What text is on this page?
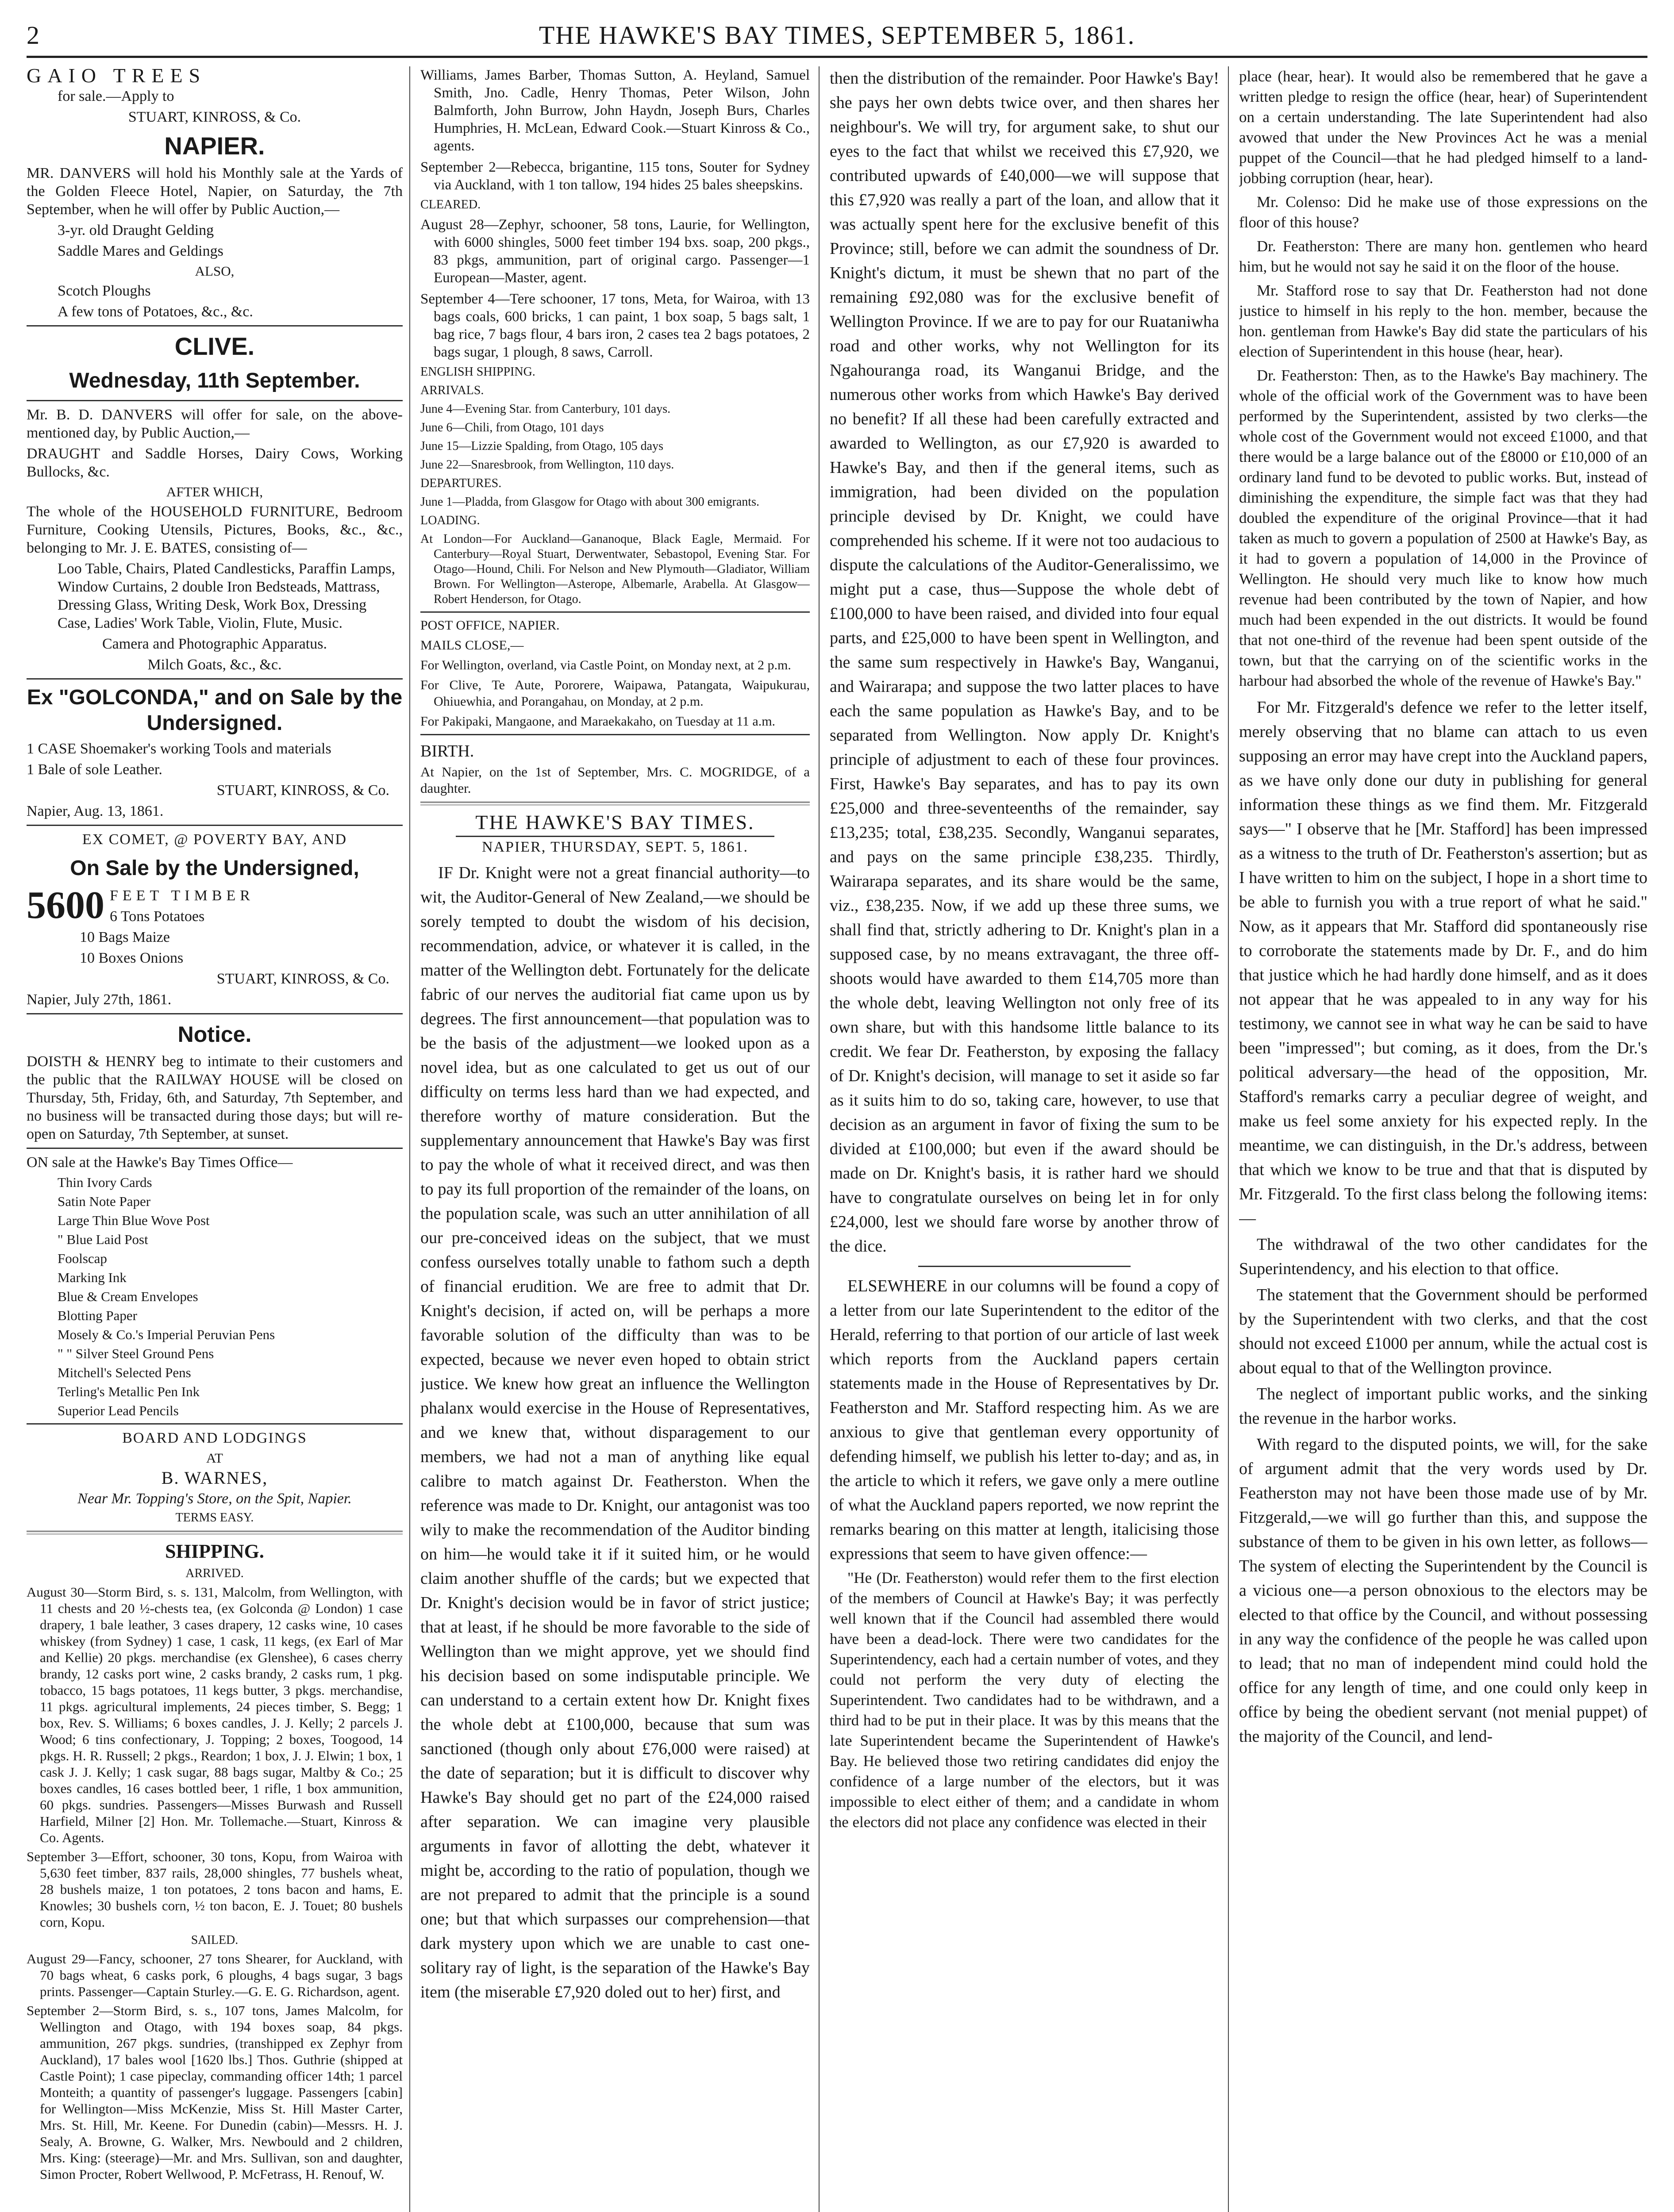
2	THE HAWKE'S BAY TIMES, SEPTEMBER 5, 1861.

GAIO TREES

for sale.—Apply to

STUART, KINROSS, & Co.

NAPIER.

MR. DANVERS will hold his Monthly sale at the Yards of the Golden Fleece Hotel, Napier, on Saturday, the 7th September, when he will offer by Public Auction,—

3-yr. old Draught Gelding

Saddle Mares and Geldings

ALSO,

Scotch Ploughs

A few tons of Potatoes, &c., &c.

CLIVE.
Wednesday, 11th September.

Mr. B. D. DANVERS will offer for sale, on the above-mentioned day, by Public Auction,—

DRAUGHT and Saddle Horses, Dairy Cows, Working Bullocks, &c.

AFTER WHICH,

The whole of the HOUSEHOLD FURNITURE, Bedroom Furniture, Cooking Utensils, Pictures, Books, &c., &c., belonging to Mr. J. E. BATES, consisting of—

Loo Table, Chairs, Plated Candlesticks, Paraffin Lamps, Window Curtains, 2 double Iron Bedsteads, Mattrass, Dressing Glass, Writing Desk, Work Box, Dressing Case, Ladies' Work Table, Violin, Flute, Music.

Camera and Photographic Apparatus.

Milch Goats, &c., &c.

Ex "GOLCONDA," and on Sale by the Undersigned.

1 CASE Shoemaker's working Tools and materials

1 Bale of sole Leather.

STUART, KINROSS, & Co.

Napier, Aug. 13, 1861.

EX COMET, @ POVERTY BAY, AND

On Sale by the Undersigned,
5600 FEET TIMBER

6 Tons Potatoes

10 Bags Maize

10 Boxes Onions

STUART, KINROSS, & Co.

Napier, July 27th, 1861.

Notice.

DOISTH & HENRY beg to intimate to their customers and the public that the RAILWAY HOUSE will be closed on Thursday, 5th, Friday, 6th, and Saturday, 7th September, and no business will be transacted during those days; but will re-open on Saturday, 7th September, at sunset.

ON sale at the Hawke's Bay Times Office—

Thin Ivory Cards

Satin Note Paper

Large Thin Blue Wove Post

" Blue Laid Post

Foolscap

Marking Ink

Blue & Cream Envelopes

Blotting Paper

Mosely & Co.'s Imperial Peruvian Pens

" " Silver Steel Ground Pens

Mitchell's Selected Pens

Terling's Metallic Pen Ink

Superior Lead Pencils

BOARD AND LODGINGS

AT

B. WARNES,

Near Mr. Topping's Store, on the Spit, Napier.

TERMS EASY.

SHIPPING.

ARRIVED.

August 30—Storm Bird, s. s. 131, Malcolm, from Wellington, with 11 chests and 20 ½-chests tea, (ex Golconda @ London) 1 case drapery, 1 bale leather, 3 cases drapery, 12 casks wine, 10 cases whiskey (from Sydney) 1 case, 1 cask, 11 kegs, (ex Earl of Mar and Kellie) 20 pkgs. merchandise (ex Glenshee), 6 cases cherry brandy, 12 casks port wine, 2 casks brandy, 2 casks rum, 1 pkg. tobacco, 15 bags potatoes, 11 kegs butter, 3 pkgs. merchandise, 11 pkgs. agricultural implements, 24 pieces timber, S. Begg; 1 box, Rev. S. Williams; 6 boxes candles, J. J. Kelly; 2 parcels J. Wood; 6 tins confectionary, J. Topping; 2 boxes, Toogood, 14 pkgs. H. R. Russell; 2 pkgs., Reardon; 1 box, J. J. Elwin; 1 box, 1 cask J. J. Kelly; 1 cask sugar, 88 bags sugar, Maltby & Co.; 25 boxes candles, 16 cases bottled beer, 1 rifle, 1 box ammunition, 60 pkgs. sundries. Passengers—Misses Burwash and Russell Harfield, Milner [2] Hon. Mr. Tollemache.—Stuart, Kinross & Co. Agents.

September 3—Effort, schooner, 30 tons, Kopu, from Wairoa with 5,630 feet timber, 837 rails, 28,000 shingles, 77 bushels wheat, 28 bushels maize, 1 ton potatoes, 2 tons bacon and hams, E. Knowles; 30 bushels corn, ½ ton bacon, E. J. Touet; 80 bushels corn, Kopu.

SAILED.

August 29—Fancy, schooner, 27 tons Shearer, for Auckland, with 70 bags wheat, 6 casks pork, 6 ploughs, 4 bags sugar, 3 bags prints. Passenger—Captain Sturley.—G. E. G. Richardson, agent.

September 2—Storm Bird, s. s., 107 tons, James Malcolm, for Wellington and Otago, with 194 boxes soap, 84 pkgs. ammunition, 267 pkgs. sundries, (transhipped ex Zephyr from Auckland), 17 bales wool [1620 lbs.] Thos. Guthrie (shipped at Castle Point); 1 case pipeclay, commanding officer 14th; 1 parcel Monteith; a quantity of passenger's luggage. Passengers [cabin] for Wellington—Miss McKenzie, Miss St. Hill Master Carter, Mrs. St. Hill, Mr. Keene. For Dunedin (cabin)—Messrs. H. J. Sealy, A. Browne, G. Walker, Mrs. Newbould and 2 children, Mrs. King: (steerage)—Mr. and Mrs. Sullivan, son and daughter, Simon Procter, Robert Wellwood, P. McFetrass, H. Renouf, W.

Williams, James Barber, Thomas Sutton, A. Heyland, Samuel Smith, Jno. Cadle, Henry Thomas, Peter Wilson, John Balmforth, John Burrow, John Haydn, Joseph Burs, Charles Humphries, H. McLean, Edward Cook.—Stuart Kinross & Co., agents.

September 2—Rebecca, brigantine, 115 tons, Souter for Sydney via Auckland, with 1 ton tallow, 194 hides 25 bales sheepskins.

CLEARED.

August 28—Zephyr, schooner, 58 tons, Laurie, for Wellington, with 6000 shingles, 5000 feet timber 194 bxs. soap, 200 pkgs., 83 pkgs, ammunition, part of original cargo. Passenger—1 European—Master, agent.

September 4—Tere schooner, 17 tons, Meta, for Wairoa, with 13 bags coals, 600 bricks, 1 can paint, 1 box soap, 5 bags salt, 1 bag rice, 7 bags flour, 4 bars iron, 2 cases tea 2 bags potatoes, 2 bags sugar, 1 plough, 8 saws, Carroll.

ENGLISH SHIPPING.

ARRIVALS.

June 4—Evening Star. from Canterbury, 101 days.

June 6—Chili, from Otago, 101 days

June 15—Lizzie Spalding, from Otago, 105 days

June 22—Snaresbrook, from Wellington, 110 days.

DEPARTURES.

June 1—Pladda, from Glasgow for Otago with about 300 emigrants.

LOADING.

At London—For Auckland—Gananoque, Black Eagle, Mermaid. For Canterbury—Royal Stuart, Derwentwater, Sebastopol, Evening Star. For Otago—Hound, Chili. For Nelson and New Plymouth—Gladiator, William Brown. For Wellington—Asterope, Albemarle, Arabella. At Glasgow—Robert Henderson, for Otago.

POST OFFICE, NAPIER.

MAILS CLOSE,—

For Wellington, overland, via Castle Point, on Monday next, at 2 p.m.

For Clive, Te Aute, Pororere, Waipawa, Patangata, Waipukurau, Ohiuewhia, and Porangahau, on Monday, at 2 p.m.

For Pakipaki, Mangaone, and Maraekakaho, on Tuesday at 11 a.m.

BIRTH.

At Napier, on the 1st of September, Mrs. C. MOGRIDGE, of a daughter.

THE HAWKE'S BAY TIMES.
NAPIER, THURSDAY, SEPT. 5, 1861.

IF Dr. Knight were not a great financial authority—to wit, the Auditor-General of New Zealand,—we should be sorely tempted to doubt the wisdom of his decision, recommendation, advice, or whatever it is called, in the matter of the Wellington debt. Fortunately for the delicate fabric of our nerves the auditorial fiat came upon us by degrees. The first announcement—that population was to be the basis of the adjustment—we looked upon as a novel idea, but as one calculated to get us out of our difficulty on terms less hard than we had expected, and therefore worthy of mature consideration. But the supplementary announcement that Hawke's Bay was first to pay the whole of what it received direct, and was then to pay its full proportion of the remainder of the loans, on the population scale, was such an utter annihilation of all our pre-conceived ideas on the subject, that we must confess ourselves totally unable to fathom such a depth of financial erudition. We are free to admit that Dr. Knight's decision, if acted on, will be perhaps a more favorable solution of the difficulty than was to be expected, because we never even hoped to obtain strict justice. We knew how great an influence the Wellington phalanx would exercise in the House of Representatives, and we knew that, without disparagement to our members, we had not a man of anything like equal calibre to match against Dr. Featherston. When the reference was made to Dr. Knight, our antagonist was too wily to make the recommendation of the Auditor binding on him—he would take it if it suited him, or he would claim another shuffle of the cards; but we expected that Dr. Knight's decision would be in favor of strict justice; that at least, if he should be more favorable to the side of Wellington than we might approve, yet we should find his decision based on some indisputable principle. We can understand to a certain extent how Dr. Knight fixes the whole debt at £100,000, because that sum was sanctioned (though only about £76,000 were raised) at the date of separation; but it is difficult to discover why Hawke's Bay should get no part of the £24,000 raised after separation. We can imagine very plausible arguments in favor of allotting the debt, whatever it might be, according to the ratio of population, though we are not prepared to admit that the principle is a sound one; but that which surpasses our comprehension—that dark mystery upon which we are unable to cast one-solitary ray of light, is the separation of the Hawke's Bay item (the miserable £7,920 doled out to her) first, and

then the distribution of the remainder. Poor Hawke's Bay! she pays her own debts twice over, and then shares her neighbour's. We will try, for argument sake, to shut our eyes to the fact that whilst we received this £7,920, we contributed upwards of £40,000—we will suppose that this £7,920 was really a part of the loan, and allow that it was actually spent here for the exclusive benefit of this Province; still, before we can admit the soundness of Dr. Knight's dictum, it must be shewn that no part of the remaining £92,080 was for the exclusive benefit of Wellington Province. If we are to pay for our Ruataniwha road and other works, why not Wellington for its Ngahouranga road, its Wanganui Bridge, and the numerous other works from which Hawke's Bay derived no benefit? If all these had been carefully extracted and awarded to Wellington, as our £7,920 is awarded to Hawke's Bay, and then if the general items, such as immigration, had been divided on the population principle devised by Dr. Knight, we could have comprehended his scheme. If it were not too audacious to dispute the calculations of the Auditor-Generalissimo, we might put a case, thus—Suppose the whole debt of £100,000 to have been raised, and divided into four equal parts, and £25,000 to have been spent in Wellington, and the same sum respectively in Hawke's Bay, Wanganui, and Wairarapa; and suppose the two latter places to have each the same population as Hawke's Bay, and to be separated from Wellington. Now apply Dr. Knight's principle of adjustment to each of these four provinces. First, Hawke's Bay separates, and has to pay its own £25,000 and three-seventeenths of the remainder, say £13,235; total, £38,235. Secondly, Wanganui separates, and pays on the same principle £38,235. Thirdly, Wairarapa separates, and its share would be the same, viz., £38,235. Now, if we add up these three sums, we shall find that, strictly adhering to Dr. Knight's plan in a supposed case, by no means extravagant, the three off-shoots would have awarded to them £14,705 more than the whole debt, leaving Wellington not only free of its own share, but with this handsome little balance to its credit. We fear Dr. Featherston, by exposing the fallacy of Dr. Knight's decision, will manage to set it aside so far as it suits him to do so, taking care, however, to use that decision as an argument in favor of fixing the sum to be divided at £100,000; but even if the award should be made on Dr. Knight's basis, it is rather hard we should have to congratulate ourselves on being let in for only £24,000, lest we should fare worse by another throw of the dice.

ELSEWHERE in our columns will be found a copy of a letter from our late Superintendent to the editor of the Herald, referring to that portion of our article of last week which reports from the Auckland papers certain statements made in the House of Representatives by Dr. Featherston and Mr. Stafford respecting him. As we are anxious to give that gentleman every opportunity of defending himself, we publish his letter to-day; and as, in the article to which it refers, we gave only a mere outline of what the Auckland papers reported, we now reprint the remarks bearing on this matter at length, italicising those expressions that seem to have given offence:—

"He (Dr. Featherston) would refer them to the first election of the members of Council at Hawke's Bay; it was perfectly well known that if the Council had assembled there would have been a dead-lock. There were two candidates for the Superintendency, each had a certain number of votes, and they could not perform the very duty of electing the Superintendent. Two candidates had to be withdrawn, and a third had to be put in their place. It was by this means that the late Superintendent became the Superintendent of Hawke's Bay. He believed those two retiring candidates did enjoy the confidence of a large number of the electors, but it was impossible to elect either of them; and a candidate in whom the electors did not place any confidence was elected in their

place (hear, hear). It would also be remembered that he gave a written pledge to resign the office (hear, hear) of Superintendent on a certain understanding. The late Superintendent had also avowed that under the New Provinces Act he was a menial puppet of the Council—that he had pledged himself to a land-jobbing corruption (hear, hear).

Mr. Colenso: Did he make use of those expressions on the floor of this house?

Dr. Featherston: There are many hon. gentlemen who heard him, but he would not say he said it on the floor of the house.

Mr. Stafford rose to say that Dr. Featherston had not done justice to himself in his reply to the hon. member, because the hon. gentleman from Hawke's Bay did state the particulars of his election of Superintendent in this house (hear, hear).

Dr. Featherston: Then, as to the Hawke's Bay machinery. The whole of the official work of the Government was to have been performed by the Superintendent, assisted by two clerks—the whole cost of the Government would not exceed £1000, and that there would be a large balance out of the £8000 or £10,000 of an ordinary land fund to be devoted to public works. But, instead of diminishing the expenditure, the simple fact was that they had doubled the expenditure of the original Province—that it had taken as much to govern a population of 2500 at Hawke's Bay, as it had to govern a population of 14,000 in the Province of Wellington. He should very much like to know how much revenue had been contributed by the town of Napier, and how much had been expended in the out districts. It would be found that not one-third of the revenue had been spent outside of the town, but that the carrying on of the scientific works in the harbour had absorbed the whole of the revenue of Hawke's Bay."

For Mr. Fitzgerald's defence we refer to the letter itself, merely observing that no blame can attach to us even supposing an error may have crept into the Auckland papers, as we have only done our duty in publishing for general information these things as we find them. Mr. Fitzgerald says—" I observe that he [Mr. Stafford] has been impressed as a witness to the truth of Dr. Featherston's assertion; but as I have written to him on the subject, I hope in a short time to be able to furnish you with a true report of what he said." Now, as it appears that Mr. Stafford did spontaneously rise to corroborate the statements made by Dr. F., and do him that justice which he had hardly done himself, and as it does not appear that he was appealed to in any way for his testimony, we cannot see in what way he can be said to have been "impressed"; but coming, as it does, from the Dr.'s political adversary—the head of the opposition, Mr. Stafford's remarks carry a peculiar degree of weight, and make us feel some anxiety for his expected reply. In the meantime, we can distinguish, in the Dr.'s address, between that which we know to be true and that that is disputed by Mr. Fitzgerald. To the first class belong the following items:—

The withdrawal of the two other candidates for the Superintendency, and his election to that office.

The statement that the Government should be performed by the Superintendent with two clerks, and that the cost should not exceed £1000 per annum, while the actual cost is about equal to that of the Wellington province.

The neglect of important public works, and the sinking the revenue in the harbor works.

With regard to the disputed points, we will, for the sake of argument admit that the very words used by Dr. Featherston may not have been those made use of by Mr. Fitzgerald,—we will go further than this, and suppose the substance of them to be given in his own letter, as follows—The system of electing the Superintendent by the Council is a vicious one—a person obnoxious to the electors may be elected to that office by the Council, and without possessing in any way the confidence of the people he was called upon to lead; that no man of independent mind could hold the office for any length of time, and one could only keep in office by being the obedient servant (not menial puppet) of the majority of the Council, and lend-
